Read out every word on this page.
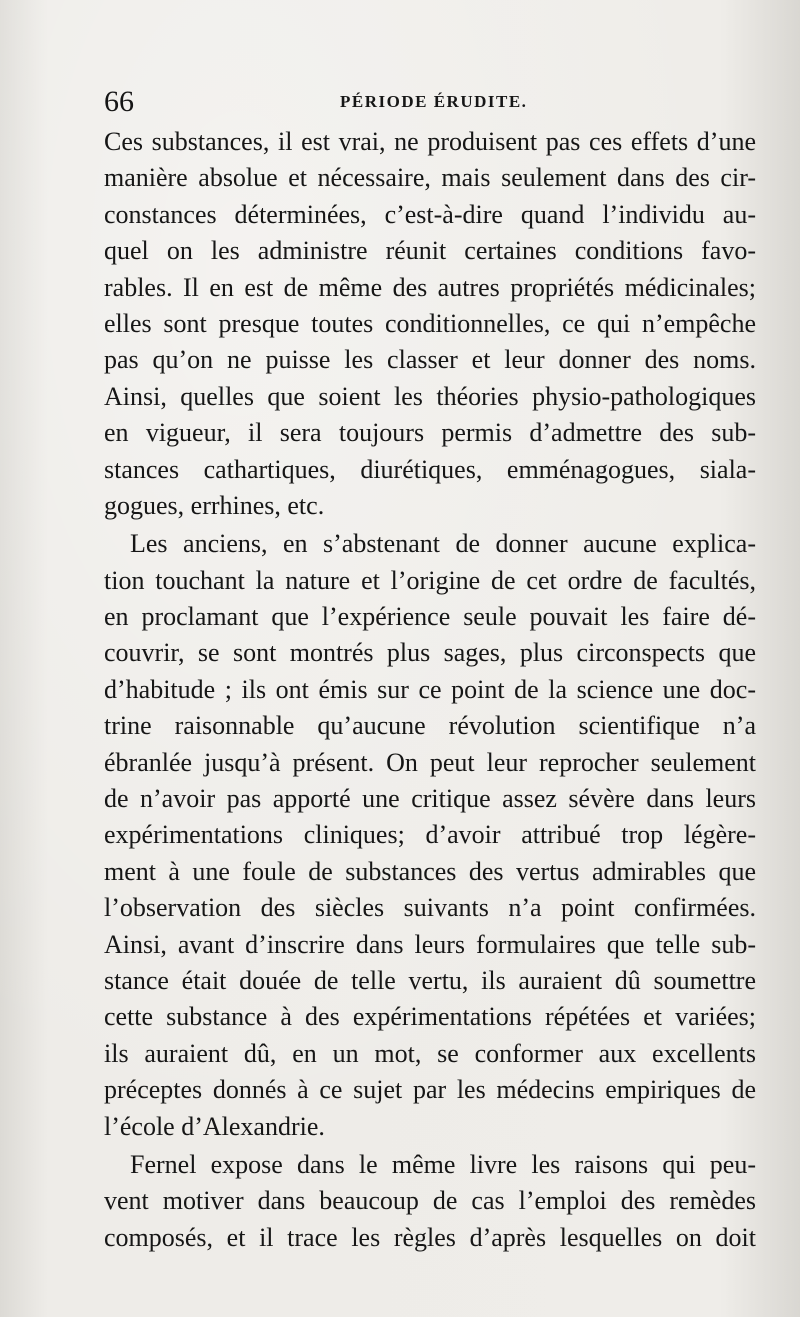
66	PÉRIODE ÉRUDITE.
Ces substances, il est vrai, ne produisent pas ces effets d’une
manière absolue et nécessaire, mais seulement dans des cir-
constances déterminées, c’est-à-dire quand l’individu au-
quel on les administre réunit certaines conditions favo-
rables. Il en est de même des autres propriétés médicinales;
elles sont presque toutes conditionnelles, ce qui n’empêche
pas qu’on ne puisse les classer et leur donner des noms.
Ainsi, quelles que soient les théories physio-pathologiques
en vigueur, il sera toujours permis d’admettre des sub-
stances cathartiques, diurétiques, emménagogues, siala-
gogues, errhines, etc.
Les anciens, en s’abstenant de donner aucune explica-
tion touchant la nature et l’origine de cet ordre de facultés,
en proclamant que l’expérience seule pouvait les faire dé-
couvrir, se sont montrés plus sages, plus circonspects que
d’habitude ; ils ont émis sur ce point de la science une doc-
trine raisonnable qu’aucune révolution scientifique n’a
ébranlée jusqu’à présent. On peut leur reprocher seulement
de n’avoir pas apporté une critique assez sévère dans leurs
expérimentations cliniques; d’avoir attribué trop légère-
ment à une foule de substances des vertus admirables que
l’observation des siècles suivants n’a point confirmées.
Ainsi, avant d’inscrire dans leurs formulaires que telle sub-
stance était douée de telle vertu, ils auraient dû soumettre
cette substance à des expérimentations répétées et variées;
ils auraient dû, en un mot, se conformer aux excellents
préceptes donnés à ce sujet par les médecins empiriques de
l’école d’Alexandrie.
Fernel expose dans le même livre les raisons qui peu-
vent motiver dans beaucoup de cas l’emploi des remèdes
composés, et il trace les règles d’après lesquelles on doit
